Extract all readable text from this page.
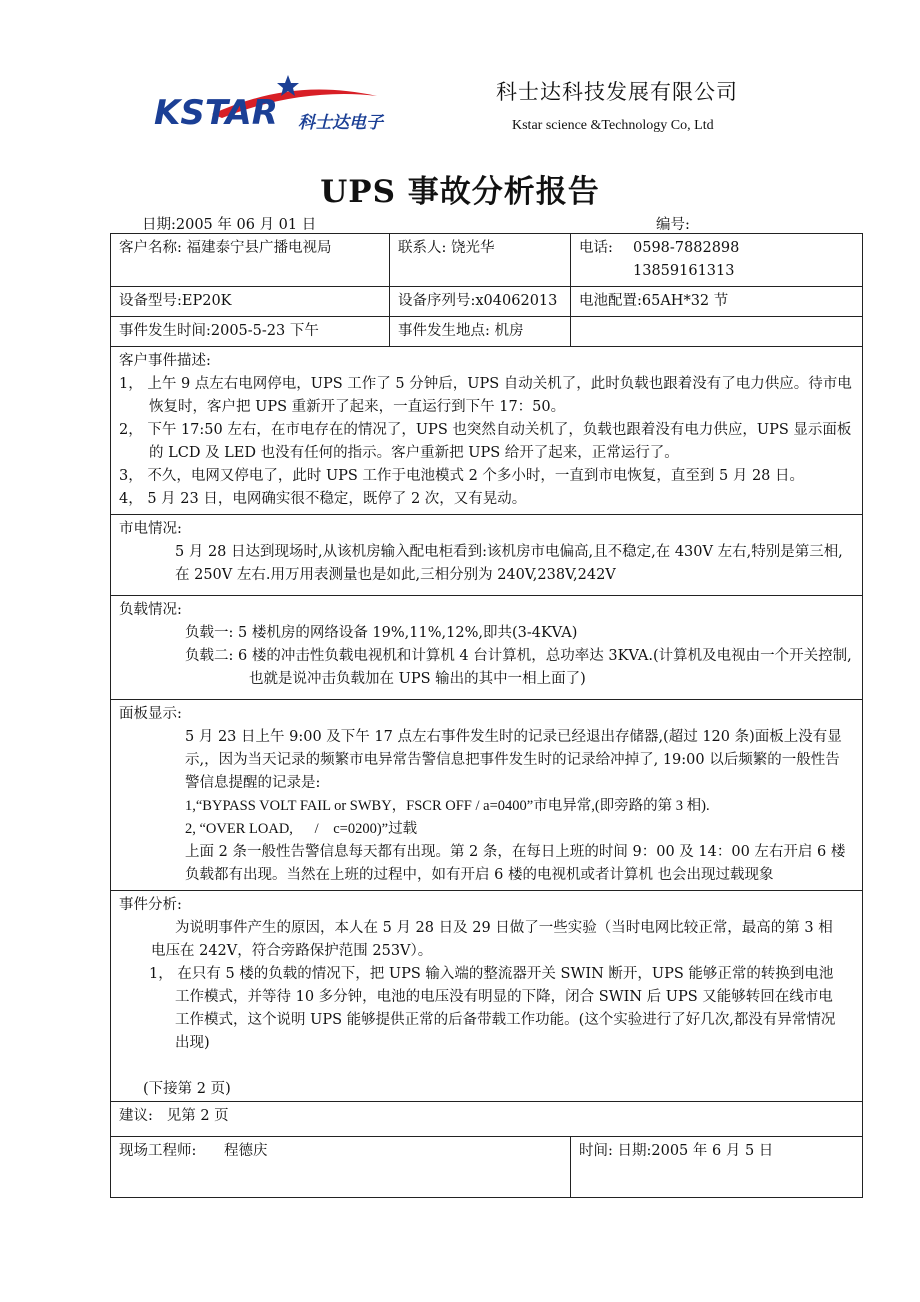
KSTAR 科士达电子
科士达科技发展有限公司
Kstar science &Technology Co, Ltd
UPS 事故分析报告
日期:2005 年 06 月 01 日	编号:
客户名称: 福建泰宁县广播电视局	联系人: 饶光华	电话: 0598-7882898
13859161313

设备型号:EP20K	设备序列号:x04062013	电池配置:65AH*32 节
事件发生时间:2005-5-23 下午	事件发生地点: 机房	

客户事件描述:
1， 上午 9 点左右电网停电，UPS 工作了 5 分钟后，UPS 自动关机了，此时负载也跟着没有了电力供应。待市电恢复时，客户把 UPS 重新开了起来，一直运行到下午 17：50。
2， 下午 17:50 左右，在市电存在的情况了，UPS 也突然自动关机了，负载也跟着没有电力供应，UPS 显示面板的 LCD 及 LED 也没有任何的指示。客户重新把 UPS 给开了起来，正常运行了。
3， 不久，电网又停电了，此时 UPS 工作于电池模式 2 个多小时，一直到市电恢复，直至到 5 月 28 日。
4， 5 月 23 日，电网确实很不稳定，既停了 2 次，又有晃动。		

市电情况:
5 月 28 日达到现场时,从该机房输入配电柜看到:该机房市电偏高,且不稳定,在 430V 左右,特别是第三相,在 250V 左右.用万用表测量也是如此,三相分别为 240V,238V,242V		

负载情况:
负载一: 5 楼机房的网络设备 19%,11%,12%,即共(3-4KVA)
负载二: 6 楼的冲击性负载电视机和计算机 4 台计算机，总功率达 3KVA.(计算机及电视由一个开关控制,也就是说冲击负载加在 UPS 输出的其中一相上面了)		

面板显示:
5 月 23 日上午 9:00 及下午 17 点左右事件发生时的记录已经退出存储器,(超过 120 条)面板上没有显示,，因为当天记录的频繁市电异常告警信息把事件发生时的记录给冲掉了, 19:00 以后频繁的一般性告警信息提醒的记录是:
1,“BYPASS VOLT FAIL or SWBY，FSCR OFF / a=0400”市电异常,(即旁路的第 3 相).
2, “OVER LOAD,      /    c=0200)”过载
上面 2 条一般性告警信息每天都有出现。第 2 条，在每日上班的时间 9：00 及 14：00 左右开启 6 楼负载都有出现。当然在上班的过程中，如有开启 6 楼的电视机或者计算机 也会出现过载现象		

事件分析:
为说明事件产生的原因，本人在 5 月 28 日及 29 日做了一些实验（当时电网比较正常，最高的第 3 相电压在 242V，符合旁路保护范围 253V）。
1， 在只有 5 楼的负载的情况下，把 UPS 输入端的整流器开关 SWIN 断开，UPS 能够正常的转换到电池工作模式，并等待 10 多分钟，电池的电压没有明显的下降，闭合 SWIN 后 UPS 又能够转回在线市电工作模式，这个说明 UPS 能够提供正常的后备带载工作功能。(这个实验进行了好几次,都没有异常情况出现)
(下接第 2 页)		

建议:   见第 2 页		
现场工程师:      程德庆		时间: 日期:2005 年 6 月 5 日
